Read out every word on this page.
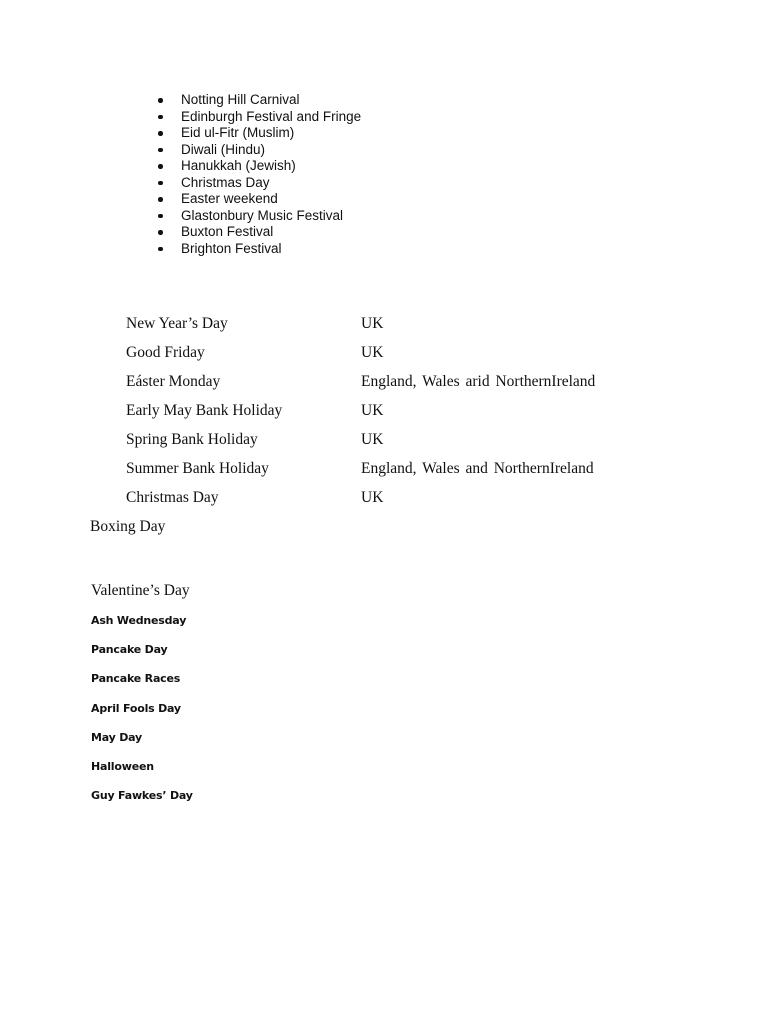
Notting Hill Carnival
Edinburgh Festival and Fringe
Eid ul-Fitr (Muslim)
Diwali (Hindu)
Hanukkah (Jewish)
Christmas Day
Easter weekend
Glastonbury Music Festival
Buxton Festival
Brighton Festival
New Year’s Day	UK
Good Friday	UK
Eáster Monday	England, Wales arid NorthernIreland
Early May Bank Holiday	UK
Spring Bank Holiday	UK
Summer Bank Holiday	England, Wales and NorthernIreland
Christmas Day	UK
Boxing Day
Valentine’s Day
Ash Wednesday
Pancake Day
Pancake Races
April Fools Day
May Day
Halloween
Guy Fawkes’ Day
